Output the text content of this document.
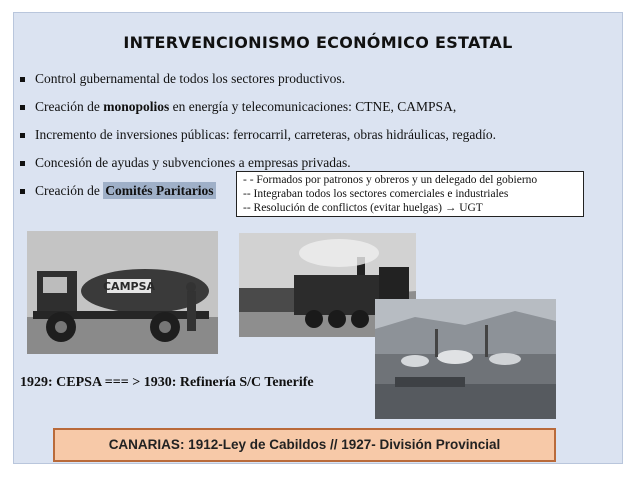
INTERVENCIONISMO ECONÓMICO ESTATAL
Control gubernamental de todos los sectores productivos.
Creación de monopolios en energía y telecomunicaciones: CTNE, CAMPSA,
Incremento de inversiones públicas: ferrocarril, carreteras, obras hidráulicas, regadío.
Concesión de ayudas y subvenciones a empresas privadas.
Creación de Comités Paritarios
- - Formados por patronos y obreros y un delegado del gobierno
-- Integraban todos los sectores comerciales e industriales
-- Resolución de conflictos (evitar huelgas) → UGT
CAMPSA
1929: CEPSA === > 1930: Refinería S/C Tenerife
CANARIAS: 1912-Ley de Cabildos // 1927- División Provincial
